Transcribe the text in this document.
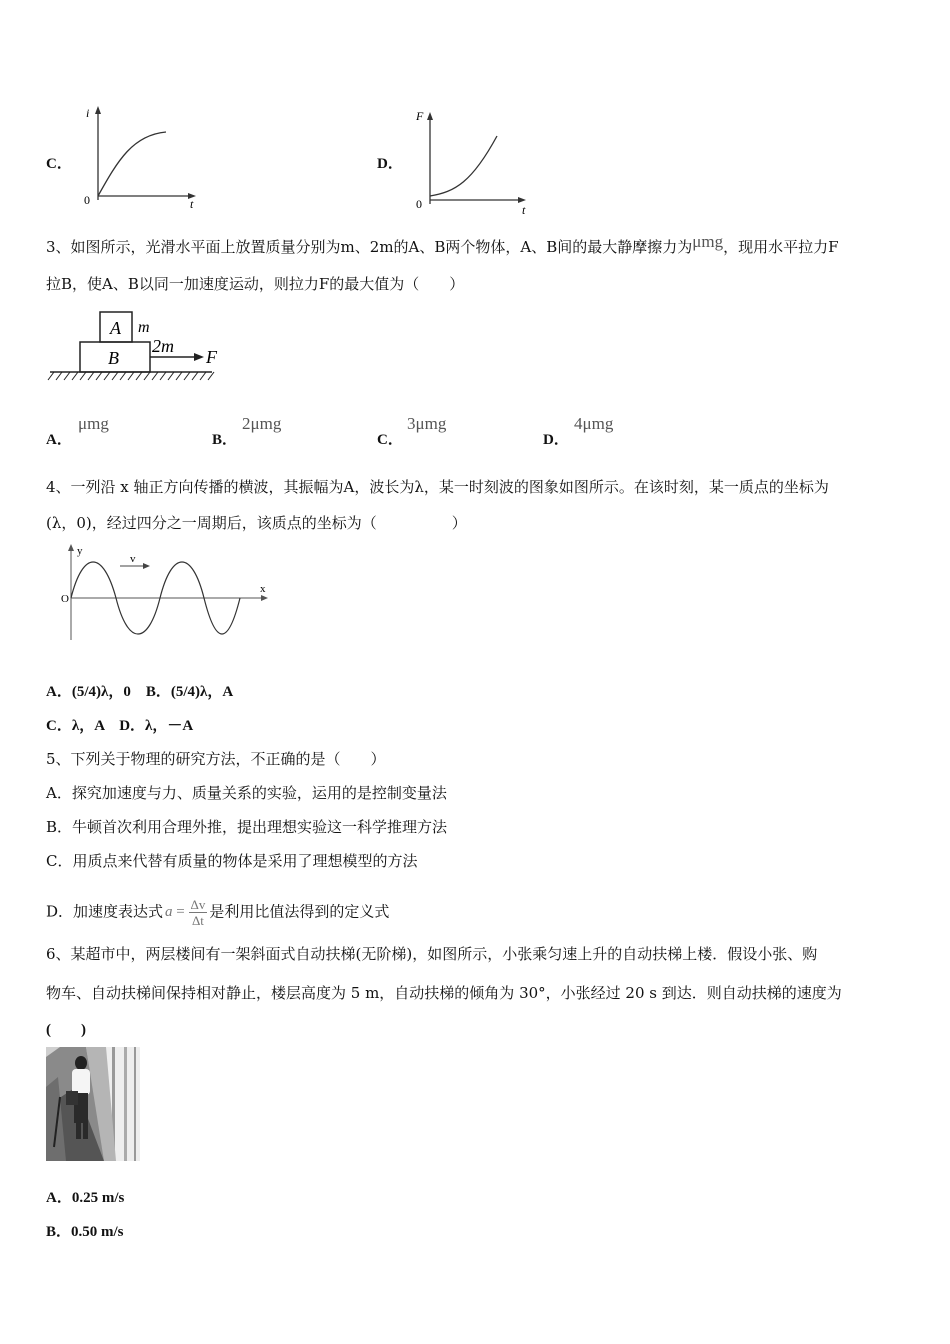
C．
i
0	t
D．
F
0	t
3、如图所示，光滑水平面上放置质量分别为m、2m的A、B两个物体，A、B间的最大静摩擦力为μmg，现用水平拉力F
拉B，使A、B以同一加速度运动，则拉力F的最大值为（　　）
A m
B
2m
F
A．
μmg
B．
2μmg
C．
3μmg
D．
4μmg
4、一列沿 x 轴正方向传播的横波，其振幅为A，波长为λ，某一时刻波的图象如图所示。在该时刻，某一质点的坐标为
(λ，0)，经过四分之一周期后，该质点的坐标为（　　　　　）
y
O
x
v
A．(5/4)λ，0　B．(5/4)λ，A
C．λ，A　D．λ，－A
5、下列关于物理的研究方法，不正确的是（　　）
A．探究加速度与力、质量关系的实验，运用的是控制变量法
B．牛顿首次利用合理外推，提出理想实验这一科学推理方法
C．用质点来代替有质量的物体是采用了理想模型的方法
D．加速度表达式 $a = \frac{\Delta v}{\Delta t}$ 是利用比值法得到的定义式
6、某超市中，两层楼间有一架斜面式自动扶梯(无阶梯)，如图所示，小张乘匀速上升的自动扶梯上楼．假设小张、购
物车、自动扶梯间保持相对静止，楼层高度为 5 m，自动扶梯的倾角为 30°，小张经过 20 s 到达．则自动扶梯的速度为
(　　)
A．0.25 m/s
B．0.50 m/s
